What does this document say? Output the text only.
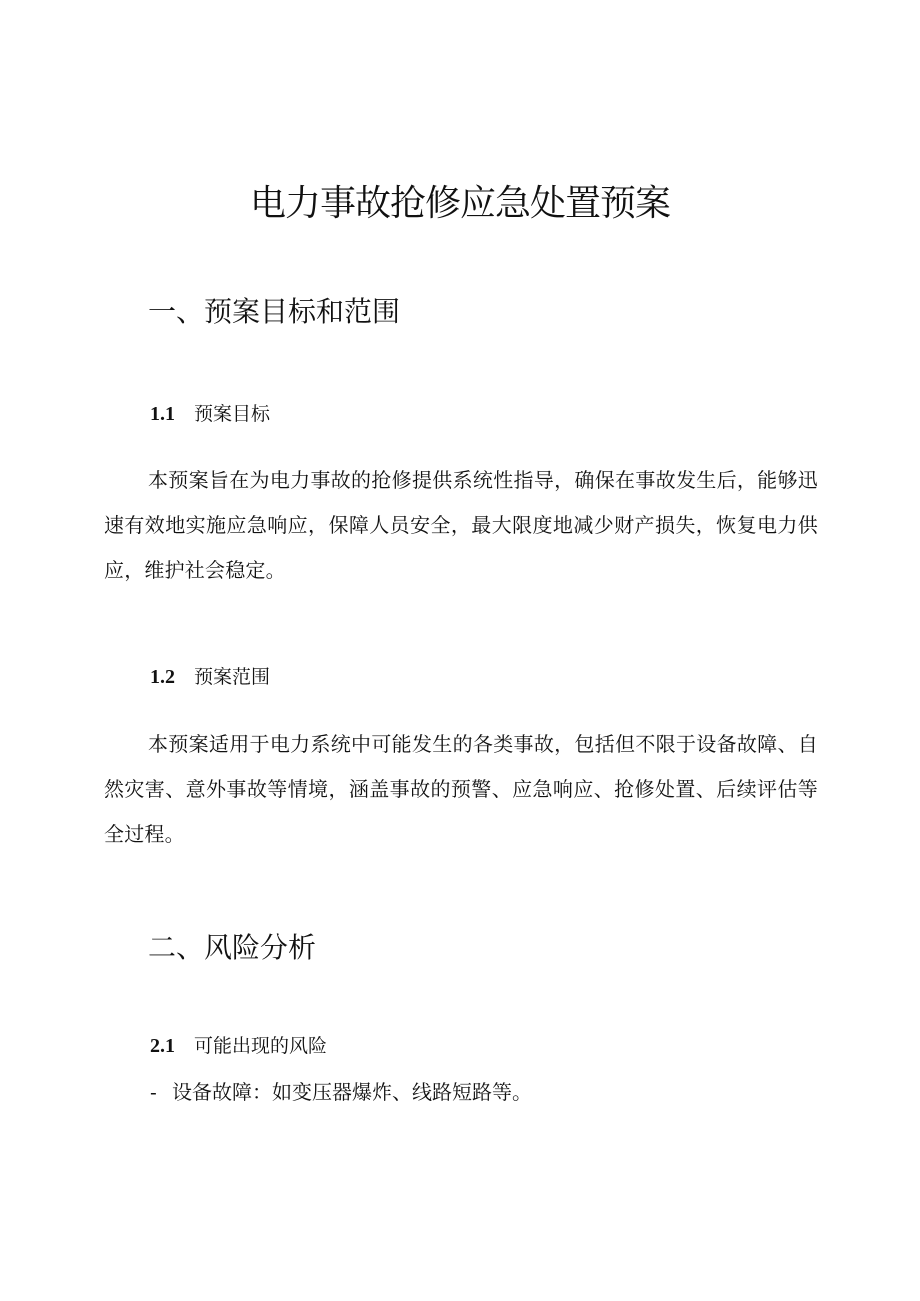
电力事故抢修应急处置预案
一、预案目标和范围
1.1 预案目标

本预案旨在为电力事故的抢修提供系统性指导，确保在事故发生后，能够迅速有效地实施应急响应，保障人员安全，最大限度地减少财产损失，恢复电力供应，维护社会稳定。

1.2 预案范围

本预案适用于电力系统中可能发生的各类事故，包括但不限于设备故障、自然灾害、意外事故等情境，涵盖事故的预警、应急响应、抢修处置、后续评估等全过程。

二、风险分析
2.1 可能出现的风险

- 设备故障：如变压器爆炸、线路短路等。
